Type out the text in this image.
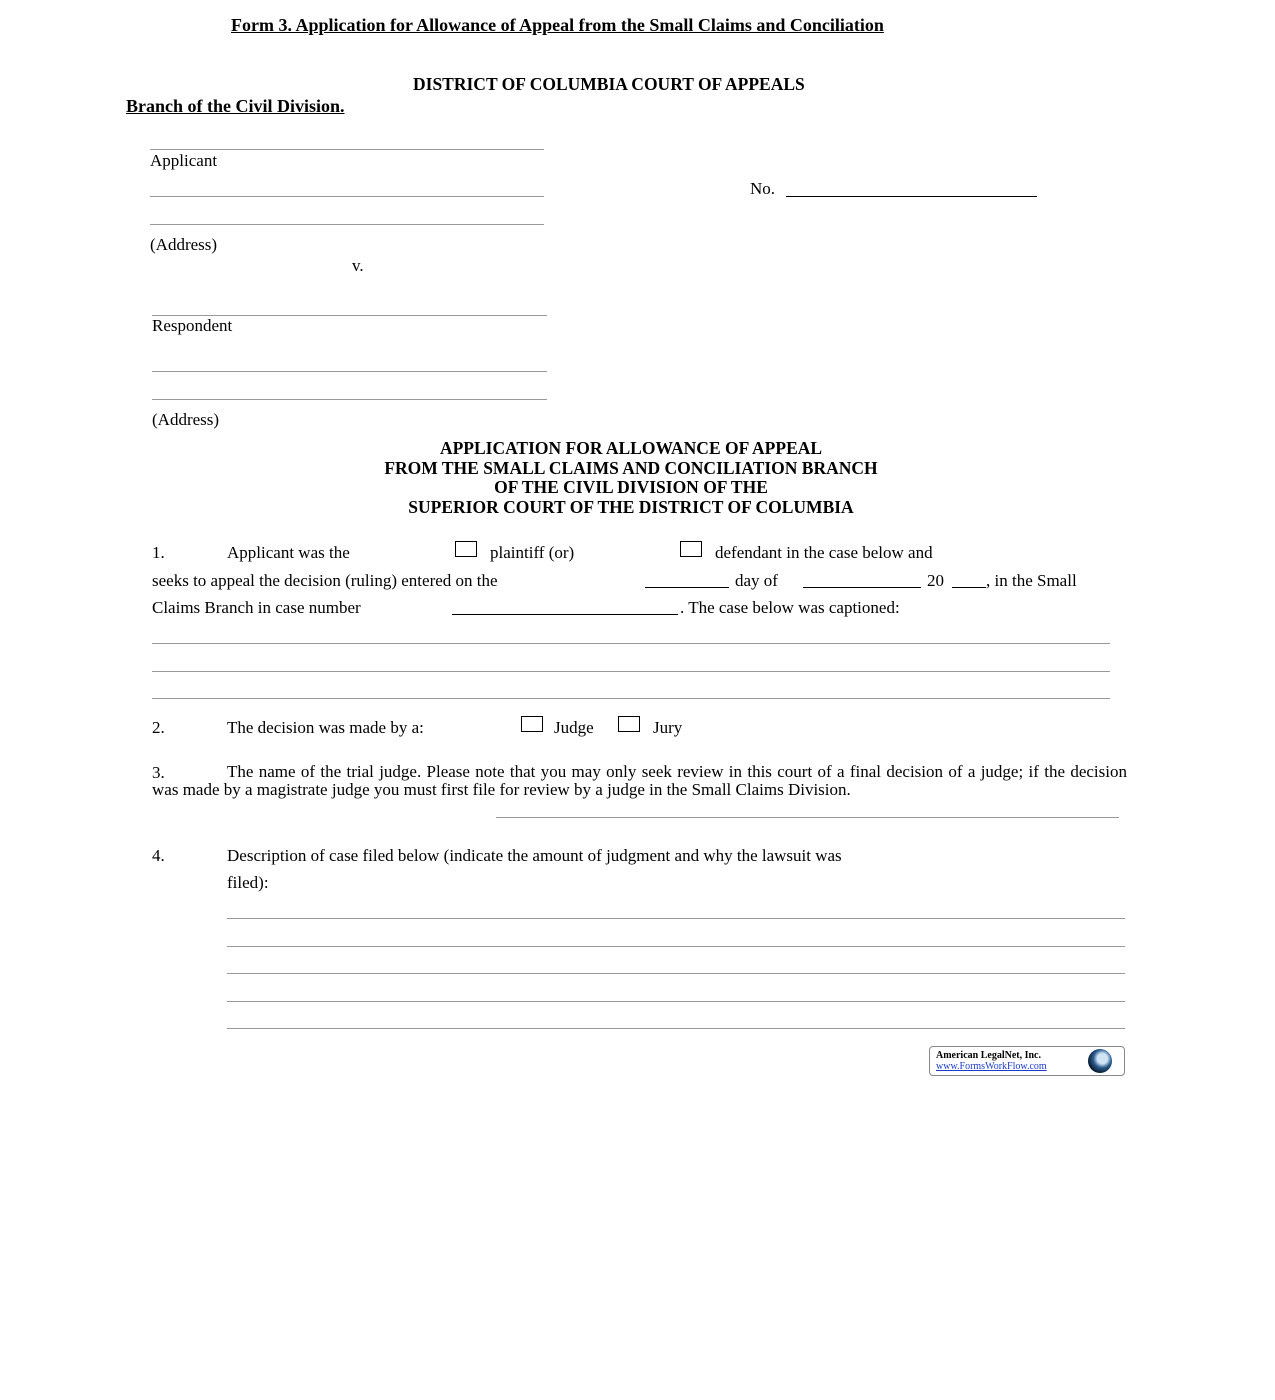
Form 3. Application for Allowance of Appeal from the Small Claims and Conciliation
DISTRICT OF COLUMBIA COURT OF APPEALS
Branch of the Civil Division.
Applicant
(Address)
v.
Respondent
(Address)
No.
APPLICATION FOR ALLOWANCE OF APPEAL
FROM THE SMALL CLAIMS AND CONCILIATION BRANCH
OF THE CIVIL DIVISION OF THE
SUPERIOR COURT OF THE DISTRICT OF COLUMBIA
1.	Applicant was the	plaintiff (or)	defendant in the case below and
seeks to appeal the decision (ruling) entered on the	day of	20 , in the Small
Claims Branch in case number	. The case below was captioned:
2.	The decision was made by a:	Judge	Jury
3.	The name of the trial judge. Please note that you may only seek review in this court of a final decision of a judge; if the decision was made by a magistrate judge you must first file for review by a judge in the Small Claims Division.
4.	Description of case filed below (indicate the amount of judgment and why the lawsuit was
filed):
American LegalNet, Inc.
www.FormsWorkFlow.com
